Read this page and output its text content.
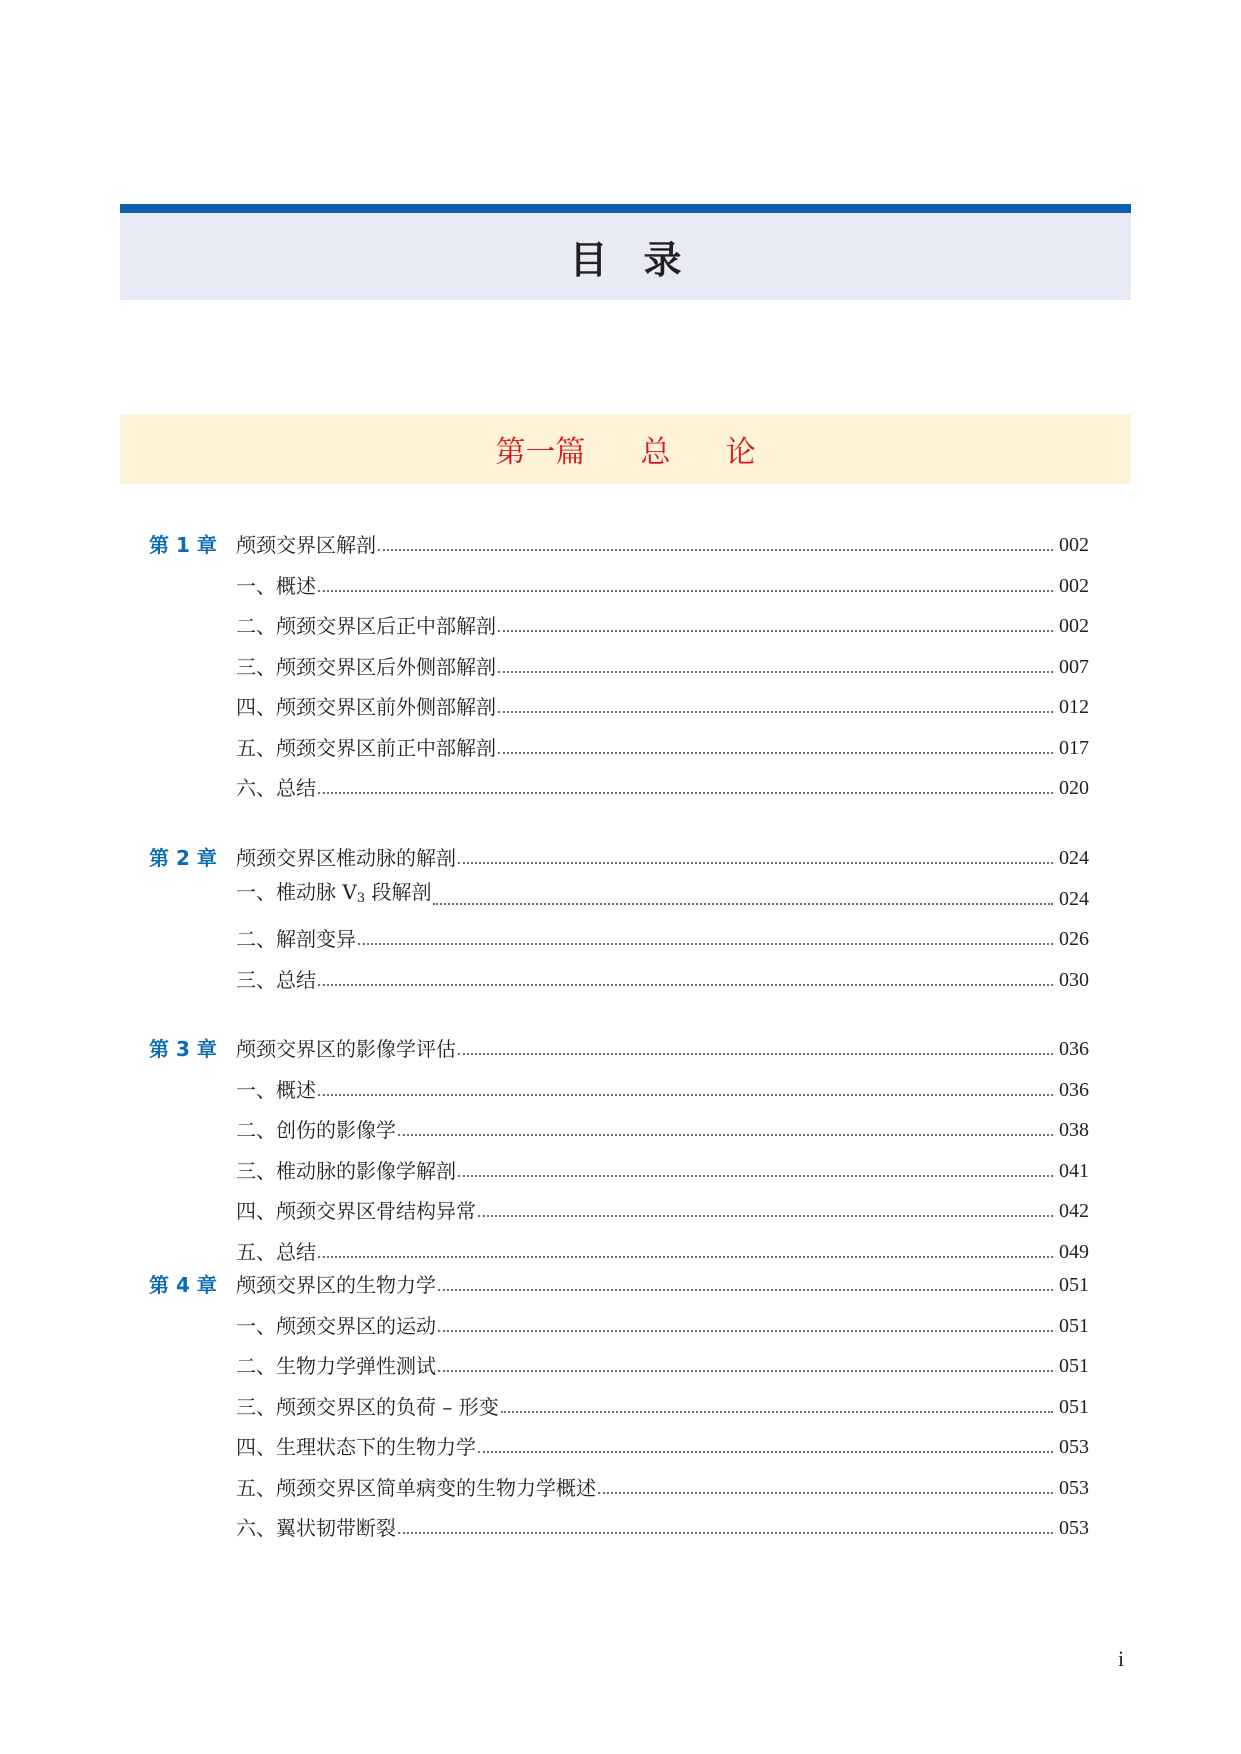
目录
第一篇  总  论
第 1 章 颅颈交界区解剖	002
一、概述	002
二、颅颈交界区后正中部解剖	002
三、颅颈交界区后外侧部解剖	007
四、颅颈交界区前外侧部解剖	012
五、颅颈交界区前正中部解剖	017
六、总结	020
第 2 章 颅颈交界区椎动脉的解剖	024
一、椎动脉 $V_3$ 段解剖	024
二、解剖变异	026
三、总结	030
第 3 章 颅颈交界区的影像学评估	036
一、概述	036
二、创伤的影像学	038
三、椎动脉的影像学解剖	041
四、颅颈交界区骨结构异常	042
五、总结	049
第 4 章 颅颈交界区的生物力学	051
一、颅颈交界区的运动	051
二、生物力学弹性测试	051
三、颅颈交界区的负荷 – 形变	051
四、生理状态下的生物力学	053
五、颅颈交界区简单病变的生物力学概述	053
六、翼状韧带断裂	053
i
